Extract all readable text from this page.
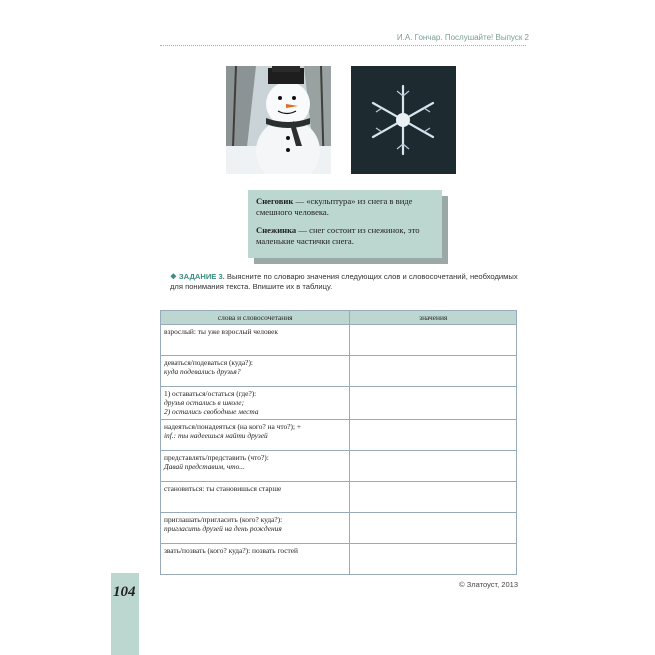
И.А. Гончар. Послушайте! Выпуск 2

Снеговик — «скульптура» из снега в виде смешного человека.

Снежинка — снег состоит из снежинок, это маленькие частички снега.

❖ ЗАДАНИЕ 3. Выясните по словарю значения следующих слов и словосочетаний, необходимых для понимания текста. Впишите их в таблицу.
слова и словосочетания	значения

взрослый: ты уже взрослый человек	

деваться/подеваться (куда?):
куда подевались друзья?	

1) оставаться/остаться (где?):
друзья остались в школе;
2) остались свободные места	

надеяться/понадеяться (на кого? на что?); +
inf.: ты надеешься найти друзей	

представлять/представить (что?):
Давай представим, что...	

становиться: ты становишься старше	

приглашать/пригласить (кого? куда?):
пригласить друзей на день рождения	

звать/позвать (кого? куда?): позвать гостей	

104	© Златоуст, 2013
